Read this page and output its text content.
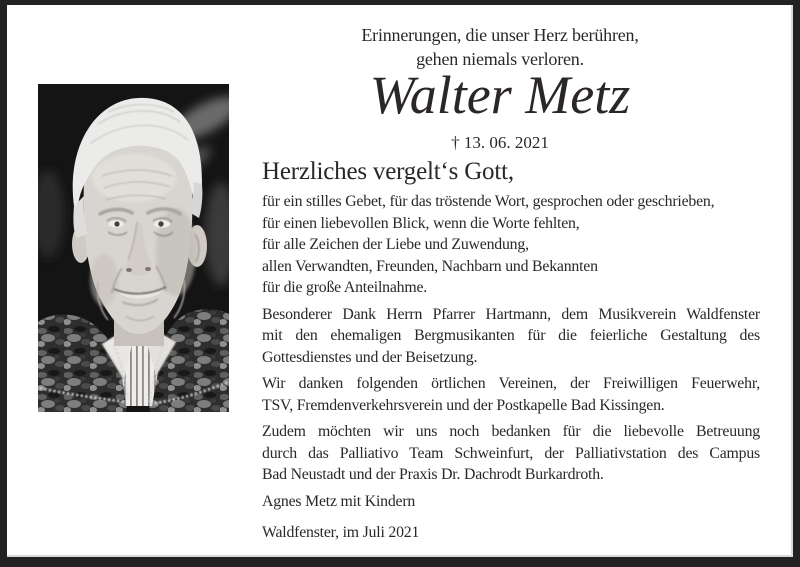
Erinnerungen, die unser Herz berühren,
gehen niemals verloren.
Walter Metz
† 13. 06. 2021
Herzliches vergelt‘s Gott,
für ein stilles Gebet, für das tröstende Wort, gesprochen oder geschrieben,
für einen liebevollen Blick, wenn die Worte fehlten,
für alle Zeichen der Liebe und Zuwendung,
allen Verwandten, Freunden, Nachbarn und Bekannten
für die große Anteilnahme.
Besonderer Dank Herrn Pfarrer Hartmann, dem Musikverein Waldfenster
mit den ehemaligen Bergmusikanten für die feierliche Gestaltung des
Gottesdienstes und der Beisetzung.
Wir danken folgenden örtlichen Vereinen, der Freiwilligen Feuerwehr,
TSV, Fremdenverkehrsverein und der Postkapelle Bad Kissingen.
Zudem möchten wir uns noch bedanken für die liebevolle Betreuung
durch das Palliativo Team Schweinfurt, der Palliativstation des Campus
Bad Neustadt und der Praxis Dr. Dachrodt Burkardroth.

Agnes Metz mit Kindern

Waldfenster, im Juli 2021
